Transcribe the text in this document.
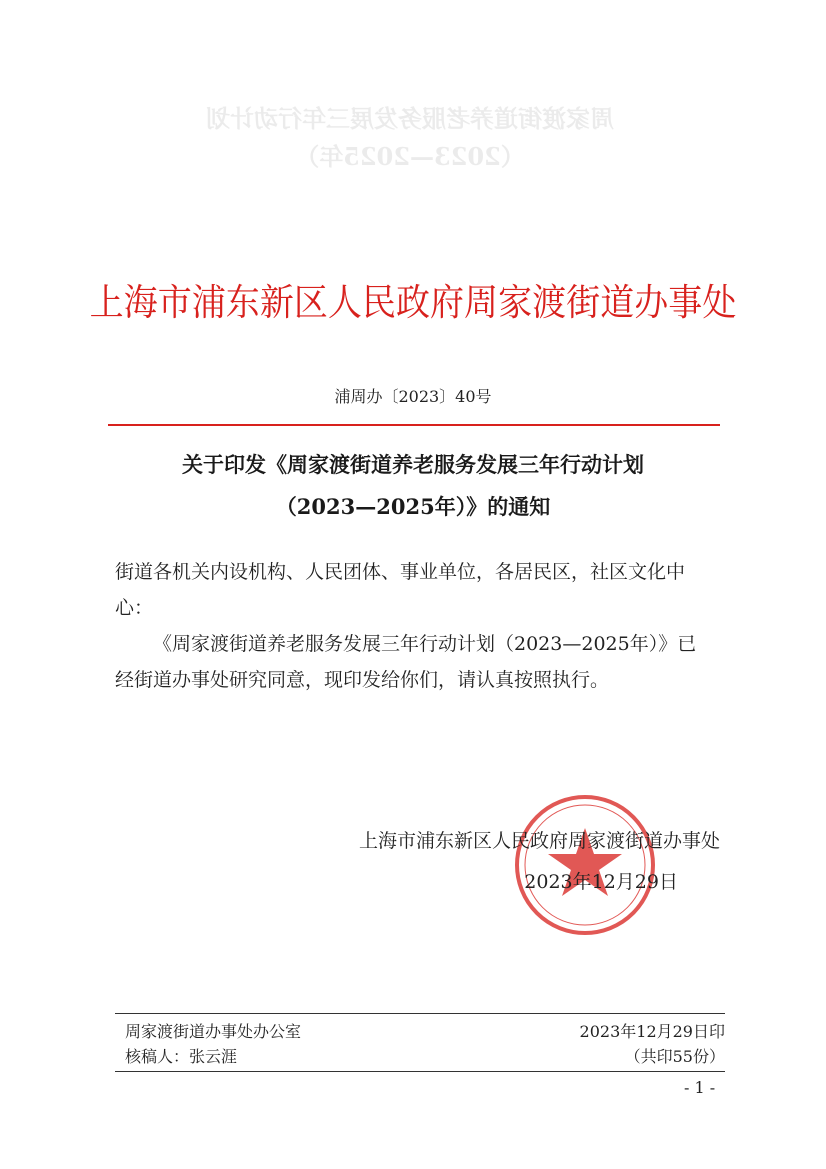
周家渡街道养老服务发展三年行动计划
（2023—2025年）
上海市浦东新区人民政府周家渡街道办事处
浦周办〔2023〕40号
关于印发《周家渡街道养老服务发展三年行动计划
（2023—2025年）》的通知
街道各机关内设机构、人民团体、事业单位，各居民区，社区文化中心：
《周家渡街道养老服务发展三年行动计划（2023—2025年）》已经街道办事处研究同意，现印发给你们，请认真按照执行。
上海市浦东新区人民政府周家渡街道办事处
2023年12月29日
周家渡街道办事处办公室	2023年12月29日印
核稿人：张云涯	（共印55份）
- 1 -
